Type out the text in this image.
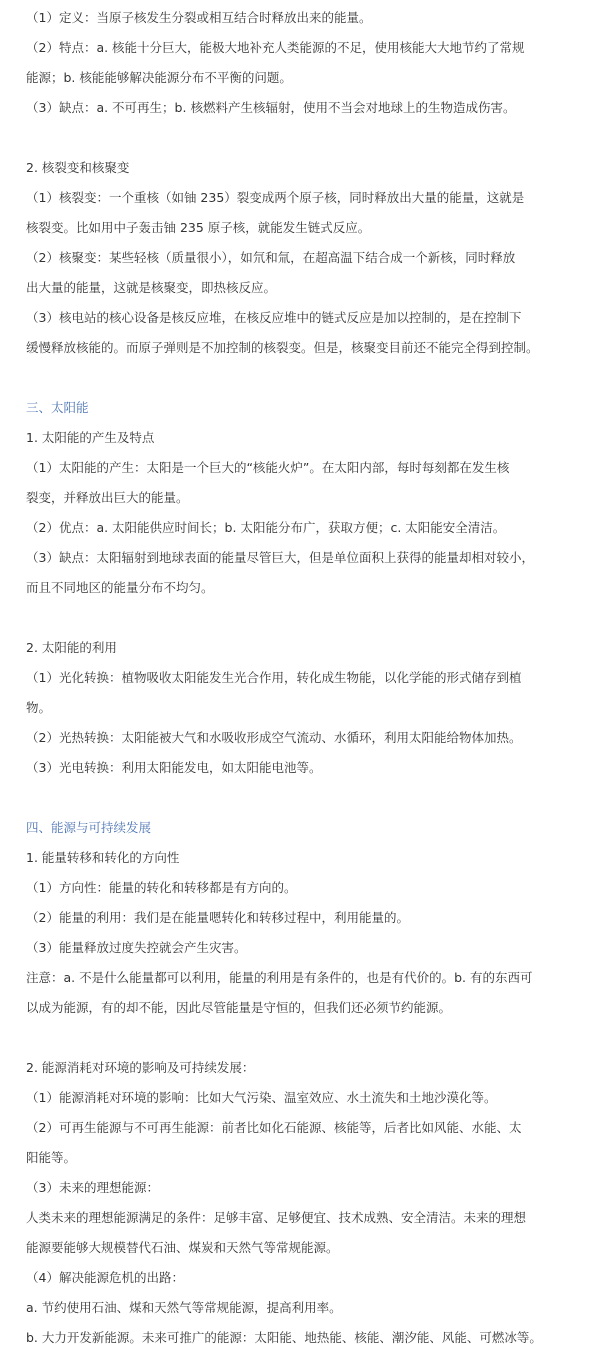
（1）定义：当原子核发生分裂或相互结合时释放出来的能量。
（2）特点：a. 核能十分巨大，能极大地补充人类能源的不足，使用核能大大地节约了常规
能源；b. 核能能够解决能源分布不平衡的问题。
（3）缺点：a. 不可再生；b. 核燃料产生核辐射，使用不当会对地球上的生物造成伤害。
2. 核裂变和核聚变
（1）核裂变：一个重核（如铀 235）裂变成两个原子核，同时释放出大量的能量，这就是
核裂变。比如用中子轰击铀 235 原子核，就能发生链式反应。
（2）核聚变：某些轻核（质量很小），如氘和氚，在超高温下结合成一个新核，同时释放
出大量的能量，这就是核聚变，即热核反应。
（3）核电站的核心设备是核反应堆，在核反应堆中的链式反应是加以控制的，是在控制下
缓慢释放核能的。而原子弹则是不加控制的核裂变。但是，核聚变目前还不能完全得到控制。
三、太阳能
1. 太阳能的产生及特点
（1）太阳能的产生：太阳是一个巨大的“核能火炉”。在太阳内部，每时每刻都在发生核
裂变，并释放出巨大的能量。
（2）优点：a. 太阳能供应时间长；b. 太阳能分布广，获取方便；c. 太阳能安全清洁。
（3）缺点：太阳辐射到地球表面的能量尽管巨大，但是单位面积上获得的能量却相对较小，
而且不同地区的能量分布不均匀。
2. 太阳能的利用
（1）光化转换：植物吸收太阳能发生光合作用，转化成生物能，以化学能的形式储存到植
物。
（2）光热转换：太阳能被大气和水吸收形成空气流动、水循环，利用太阳能给物体加热。
（3）光电转换：利用太阳能发电，如太阳能电池等。
四、能源与可持续发展
1. 能量转移和转化的方向性
（1）方向性：能量的转化和转移都是有方向的。
（2）能量的利用：我们是在能量嗯转化和转移过程中，利用能量的。
（3）能量释放过度失控就会产生灾害。
注意：a. 不是什么能量都可以利用，能量的利用是有条件的，也是有代价的。b. 有的东西可
以成为能源，有的却不能，因此尽管能量是守恒的，但我们还必须节约能源。
2. 能源消耗对环境的影响及可持续发展：
（1）能源消耗对环境的影响：比如大气污染、温室效应、水土流失和土地沙漠化等。
（2）可再生能源与不可再生能源：前者比如化石能源、核能等，后者比如风能、水能、太
阳能等。
（3）未来的理想能源：
人类未来的理想能源满足的条件：足够丰富、足够便宜、技术成熟、安全清洁。未来的理想
能源要能够大规模替代石油、煤炭和天然气等常规能源。
（4）解决能源危机的出路：
a. 节约使用石油、煤和天然气等常规能源，提高利用率。
b. 大力开发新能源。未来可推广的能源：太阳能、地热能、核能、潮汐能、风能、可燃冰等。
